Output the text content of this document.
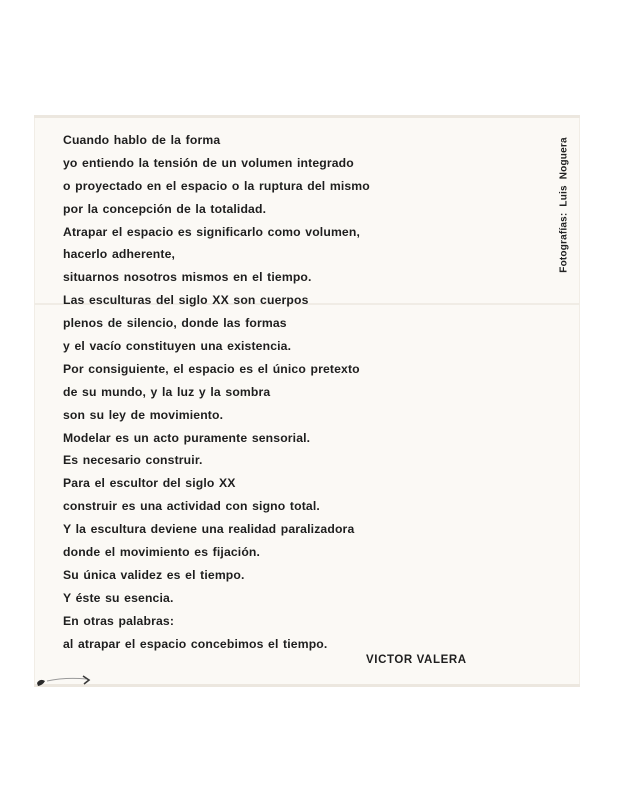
Cuando hablo de la forma
yo entiendo la tensión de un volumen integrado
o proyectado en el espacio o la ruptura del mismo
por la concepción de la totalidad.
Atrapar el espacio es significarlo como volumen,
hacerlo adherente,
situarnos nosotros mismos en el tiempo.
Las esculturas del siglo XX son cuerpos
plenos de silencio, donde las formas
y el vacío constituyen una existencia.
Por consiguiente, el espacio es el único pretexto
de su mundo, y la luz y la sombra
son su ley de movimiento.
Modelar es un acto puramente sensorial.
Es necesario construir.
Para el escultor del siglo XX
construir es una actividad con signo total.
Y la escultura deviene una realidad paralizadora
donde el movimiento es fijación.
Su única validez es el tiempo.
Y éste su esencia.
En otras palabras:
al atrapar el espacio concebimos el tiempo.
VICTOR VALERA
Fotografías: Luis Noguera
